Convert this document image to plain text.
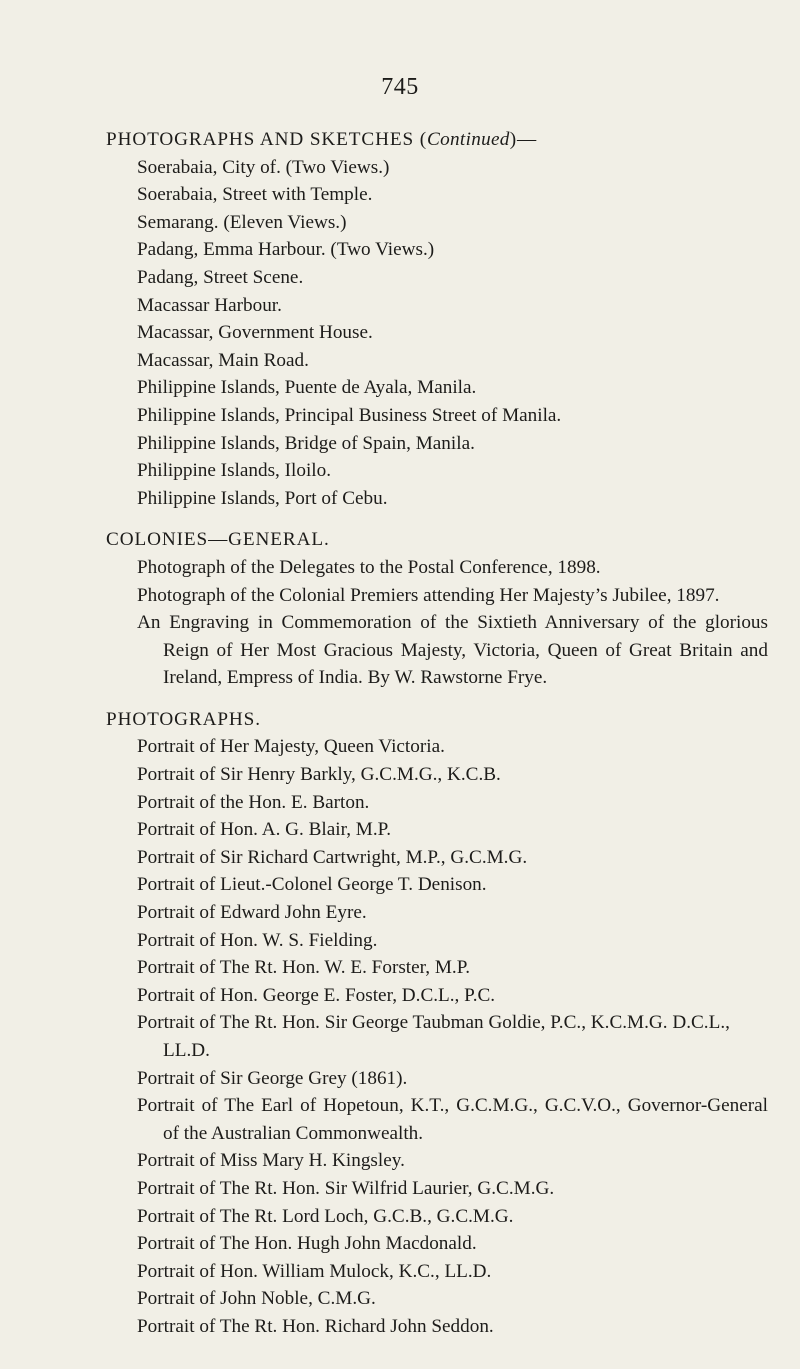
745
PHOTOGRAPHS AND SKETCHES (Continued)—
Soerabaia, City of. (Two Views.)
Soerabaia, Street with Temple.
Semarang. (Eleven Views.)
Padang, Emma Harbour. (Two Views.)
Padang, Street Scene.
Macassar Harbour.
Macassar, Government House.
Macassar, Main Road.
Philippine Islands, Puente de Ayala, Manila.
Philippine Islands, Principal Business Street of Manila.
Philippine Islands, Bridge of Spain, Manila.
Philippine Islands, Iloilo.
Philippine Islands, Port of Cebu.
COLONIES—GENERAL.
Photograph of the Delegates to the Postal Conference, 1898.
Photograph of the Colonial Premiers attending Her Majesty’s Jubilee, 1897.
An Engraving in Commemoration of the Sixtieth Anniversary of the glorious Reign of Her Most Gracious Majesty, Victoria, Queen of Great Britain and Ireland, Empress of India. By W. Rawstorne Frye.
PHOTOGRAPHS.
Portrait of Her Majesty, Queen Victoria.
Portrait of Sir Henry Barkly, G.C.M.G., K.C.B.
Portrait of the Hon. E. Barton.
Portrait of Hon. A. G. Blair, M.P.
Portrait of Sir Richard Cartwright, M.P., G.C.M.G.
Portrait of Lieut.-Colonel George T. Denison.
Portrait of Edward John Eyre.
Portrait of Hon. W. S. Fielding.
Portrait of The Rt. Hon. W. E. Forster, M.P.
Portrait of Hon. George E. Foster, D.C.L., P.C.
Portrait of The Rt. Hon. Sir George Taubman Goldie, P.C., K.C.M.G. D.C.L., LL.D.
Portrait of Sir George Grey (1861).
Portrait of The Earl of Hopetoun, K.T., G.C.M.G., G.C.V.O., Governor-General of the Australian Commonwealth.
Portrait of Miss Mary H. Kingsley.
Portrait of The Rt. Hon. Sir Wilfrid Laurier, G.C.M.G.
Portrait of The Rt. Lord Loch, G.C.B., G.C.M.G.
Portrait of The Hon. Hugh John Macdonald.
Portrait of Hon. William Mulock, K.C., LL.D.
Portrait of John Noble, C.M.G.
Portrait of The Rt. Hon. Richard John Seddon.
